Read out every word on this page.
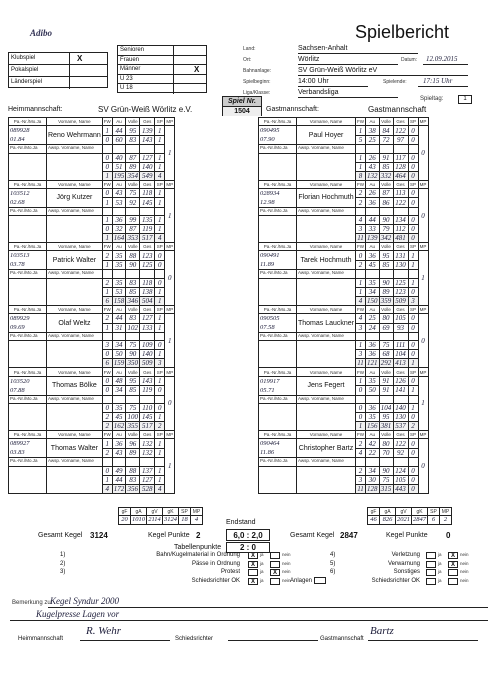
Adibo	Spielbericht
Klubspiel	X
Pokalspiel
Länderspiel
Senioren
Frauen
Männer	X
U 23
U 18
Land:	Sachsen-Anhalt
Ort:	Wörlitz	Datum: 12.09.2015
Bahnanlage:	SV Grün-Weiß Wörlitz eV
Spielbeginn:	14:00 Uhr	Spielende: 17:15 Uhr
Liga/Klasse:	Verbandsliga
Heimmannschaft:	SV Grün-Weiß Wörlitz e.V.
Spiel Nr.
1504	Gastmannschaft:	Gastmannschaft
Spieltag:	1
Pa.-Nr./Mo.Ja	Vorname, Name	FW	Au	Volle	Ges	SP	MP

089928
01.84	Reno Wehrmann	1	44	95	139	1	1
		0	60	83	143	1	
Pa.-Nr./Mo.Ja	Awsp. Vorname, Name						
		0	40	87	127	1	
		0	51	89	140	1	
		1	195	354	549	4	
Pa.-Nr./Mo.Ja	Vorname, Name	FW	Au	Volle	Ges	SP	MP

103512
02.68	Jörg Kutzer	0	43	75	118	1	1
		1	53	92	145	1	
Pa.-Nr./Mo.Ja	Awsp. Vorname, Name						
		1	36	99	135	1	
		0	32	87	119	1	
		1	164	353	517	4	
Pa.-Nr./Mo.Ja	Vorname, Name	FW	Au	Volle	Ges	SP	MP

103513
03.78	Patrick Walter	2	35	88	123	0	0
		1	35	90	125	0	
Pa.-Nr./Mo.Ja	Awsp. Vorname, Name						
		2	35	83	118	0	
		1	53	85	138	1	
		6	158	346	504	1	
Pa.-Nr./Mo.Ja	Vorname, Name	FW	Au	Volle	Ges	SP	MP

089929
09.69	Olaf Weltz	2	44	83	127	1	1
		1	31	102	133	1	
Pa.-Nr./Mo.Ja	Awsp. Vorname, Name						
		3	34	75	109	0	
		0	50	90	140	1	
		6	159	350	509	3	
Pa.-Nr./Mo.Ja	Vorname, Name	FW	Au	Volle	Ges	SP	MP

103520
07.88	Thomas Bölke	0	48	95	143	1	0
		0	34	85	119	0	
Pa.-Nr./Mo.Ja	Awsp. Vorname, Name						
		0	35	75	110	0	
		2	45	100	145	1	
		2	162	355	517	2	
Pa.-Nr./Mo.Ja	Vorname, Name	FW	Au	Volle	Ges	SP	MP

089927
03.83	Thomas Walter	1	36	96	132	1	1
		2	43	89	132	1	
Pa.-Nr./Mo.Ja	Awsp. Vorname, Name						
		0	49	88	137	1	
		1	44	83	127	1	
		4	172	356	528	4	
Pa.-Nr./Mo.Ja	Vorname, Name	FW	Au	Volle	Ges	SP	MP

090495
07.90	Paul Hoyer	1	38	84	122	0	0
		5	25	72	97	0	
Pa.-Nr./Mo.Ja	Awsp. Vorname, Name						
		1	26	91	117	0	
		1	43	85	128	0	
		8	132	332	464	0	
Pa.-Nr./Mo.Ja	Vorname, Name	FW	Au	Volle	Ges	SP	MP

028934
12.98	Florian Hochmuth	2	26	87	113	0	0
		2	36	86	122	0	
Pa.-Nr./Mo.Ja	Awsp. Vorname, Name						
		4	44	90	134	0	
		3	33	79	112	0	
		11	139	342	481	0	
Pa.-Nr./Mo.Ja	Vorname, Name	FW	Au	Volle	Ges	SP	MP

090491
11.89	Tarek Hochmuth	0	36	95	131	1	1
		2	45	85	130	1	
Pa.-Nr./Mo.Ja	Awsp. Vorname, Name						
		1	35	90	125	1	
		1	34	89	123	0	
		4	150	359	509	3	
Pa.-Nr./Mo.Ja	Vorname, Name	FW	Au	Volle	Ges	SP	MP

090505
07.58	Thomas Lauckner	4	25	80	105	0	0
		3	24	69	93	0	
Pa.-Nr./Mo.Ja	Awsp. Vorname, Name						
		1	36	75	111	0	
		3	36	68	104	0	
		11	121	292	413	1	
Pa.-Nr./Mo.Ja	Vorname, Name	FW	Au	Volle	Ges	SP	MP

019917
05.71	Jens Fegert	1	35	91	126	0	1
		0	50	91	141	1	
Pa.-Nr./Mo.Ja	Awsp. Vorname, Name						
		0	36	104	140	1	
		0	35	95	130	0	
		1	156	381	537	2	
Pa.-Nr./Mo.Ja	Vorname, Name	FW	Au	Volle	Ges	SP	MP

090464
11.86	Christopher Bartz	2	42	80	122	0	0
		4	22	70	92	0	
Pa.-Nr./Mo.Ja	Awsp. Vorname, Name						
		2	34	90	124	0	
		3	30	75	105	0	
		11	128	315	443	0	
gF	gA	gV	gK	SP	MP
20	1010	2114	3124	18	4
gF	gA	gV	gK	SP	MP
46	826	2021	2847	6	2
Endstand
Gesamt Kegel 3124	Kegel Punkte 2	6,0 : 2,0
Tabellenpunkte	2 : 0
Gesamt Kegel 2847	Kegel Punkte 0
1)	Bahn/Kugelmaterial in Ordnung	X	ja	nein
2)	Pässe in Ordnung	X	ja	nein
3)	Protest	ja	X	nein
Schiedsrichter OK	X	ja	nein
4)	Verletzung	ja	X	nein
5)	Verwarnung	ja	X	nein
6)	Sonstiges	ja	nein
Schiedsrichter OK	ja	nein
Anlagen
Bemerkung zu:
Kegel Syndur 2000
Kugelpresse Lagen vor
R. Wehr	Bartz
Heimmannschaft	Schiedsrichter	Gastmannschaft
